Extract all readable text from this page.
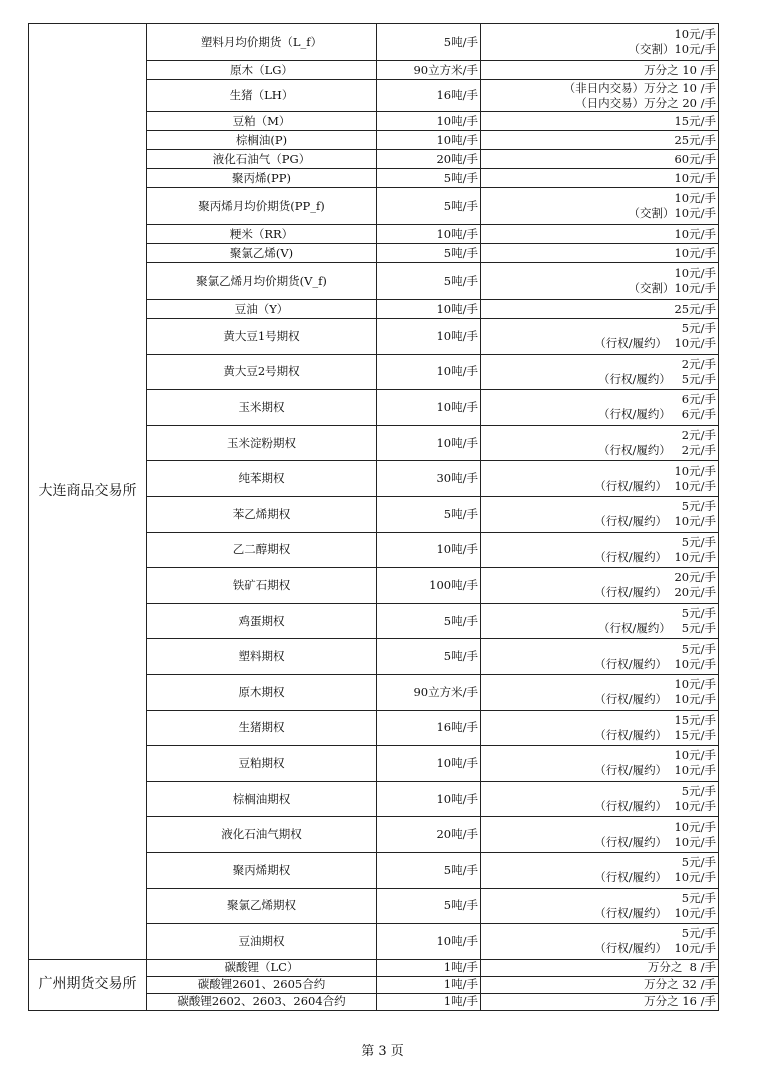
大连商品交易所	塑料月均价期货（L_f）	5吨/手	10元/手
（交割）10元/手

	原木（LG）	90立方米/手	万分之 10 /手

	生猪（LH）	16吨/手	（非日内交易）万分之 10 /手
（日内交易）万分之 20 /手

	豆粕（M）	10吨/手	15元/手

	棕榈油(P)	10吨/手	25元/手

	液化石油气（PG）	20吨/手	60元/手

	聚丙烯(PP)	5吨/手	10元/手

	聚丙烯月均价期货(PP_f)	5吨/手	10元/手
（交割）10元/手

	粳米（RR）	10吨/手	10元/手

	聚氯乙烯(V)	5吨/手	10元/手

	聚氯乙烯月均价期货(V_f)	5吨/手	10元/手
（交割）10元/手

	豆油（Y）	10吨/手	25元/手

	黄大豆1号期权	10吨/手	5元/手
（行权/履约）  10元/手

	黄大豆2号期权	10吨/手	2元/手
（行权/履约）   5元/手

	玉米期权	10吨/手	6元/手
（行权/履约）   6元/手

	玉米淀粉期权	10吨/手	2元/手
（行权/履约）   2元/手

	纯苯期权	30吨/手	10元/手
（行权/履约）  10元/手

	苯乙烯期权	5吨/手	5元/手
（行权/履约）  10元/手

	乙二醇期权	10吨/手	5元/手
（行权/履约）  10元/手

	铁矿石期权	100吨/手	20元/手
（行权/履约）  20元/手

	鸡蛋期权	5吨/手	5元/手
（行权/履约）   5元/手

	塑料期权	5吨/手	5元/手
（行权/履约）  10元/手

	原木期权	90立方米/手	10元/手
（行权/履约）  10元/手

	生猪期权	16吨/手	15元/手
（行权/履约）  15元/手

	豆粕期权	10吨/手	10元/手
（行权/履约）  10元/手

	棕榈油期权	10吨/手	5元/手
（行权/履约）  10元/手

	液化石油气期权	20吨/手	10元/手
（行权/履约）  10元/手

	聚丙烯期权	5吨/手	5元/手
（行权/履约）  10元/手

	聚氯乙烯期权	5吨/手	5元/手
（行权/履约）  10元/手

	豆油期权	10吨/手	5元/手
（行权/履约）  10元/手

广州期货交易所	碳酸锂（LC）	1吨/手	万分之  8 /手

	碳酸锂2601、2605合约	1吨/手	万分之 32 /手

	碳酸锂2602、2603、2604合约	1吨/手	万分之 16 /手
第 3 页
